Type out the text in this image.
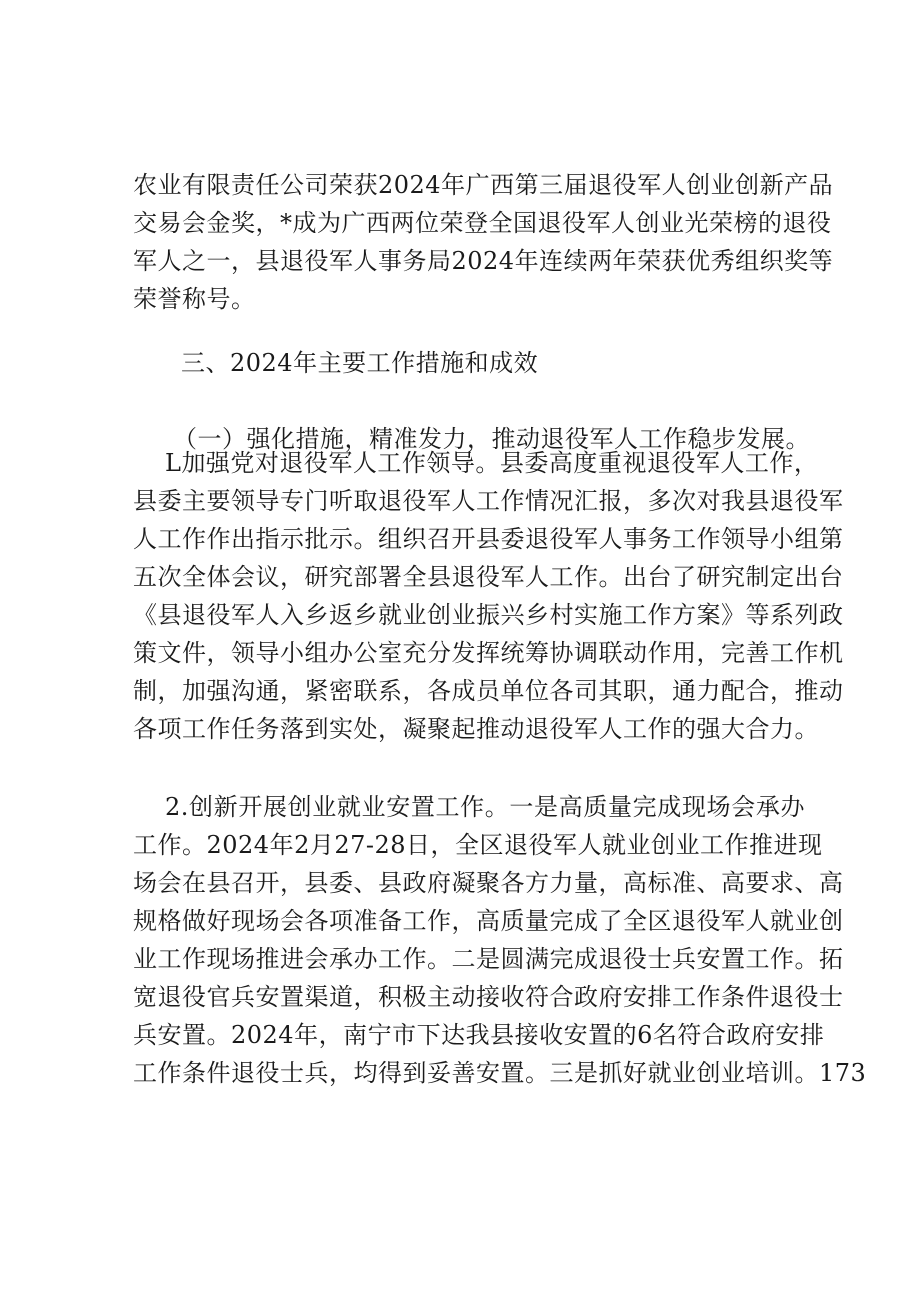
农业有限责任公司荣获2024年广西第三届退役军人创业创新产品
交易会金奖，*成为广西两位荣登全国退役军人创业光荣榜的退役
军人之一，县退役军人事务局2024年连续两年荣获优秀组织奖等
荣誉称号。
三、2024年主要工作措施和成效
（一）强化措施，精准发力，推动退役军人工作稳步发展。
L加强党对退役军人工作领导。县委高度重视退役军人工作，
县委主要领导专门听取退役军人工作情况汇报，多次对我县退役军
人工作作出指示批示。组织召开县委退役军人事务工作领导小组第
五次全体会议，研究部署全县退役军人工作。出台了研究制定出台
《县退役军人入乡返乡就业创业振兴乡村实施工作方案》等系列政
策文件，领导小组办公室充分发挥统筹协调联动作用，完善工作机
制，加强沟通，紧密联系，各成员单位各司其职，通力配合，推动
各项工作任务落到实处，凝聚起推动退役军人工作的强大合力。
2.创新开展创业就业安置工作。一是高质量完成现场会承办
工作。2024年2月27-28日，全区退役军人就业创业工作推进现
场会在县召开，县委、县政府凝聚各方力量，高标准、高要求、高
规格做好现场会各项准备工作，高质量完成了全区退役军人就业创
业工作现场推进会承办工作。二是圆满完成退役士兵安置工作。拓
宽退役官兵安置渠道，积极主动接收符合政府安排工作条件退役士
兵安置。2024年，南宁市下达我县接收安置的6名符合政府安排
工作条件退役士兵，均得到妥善安置。三是抓好就业创业培训。173
